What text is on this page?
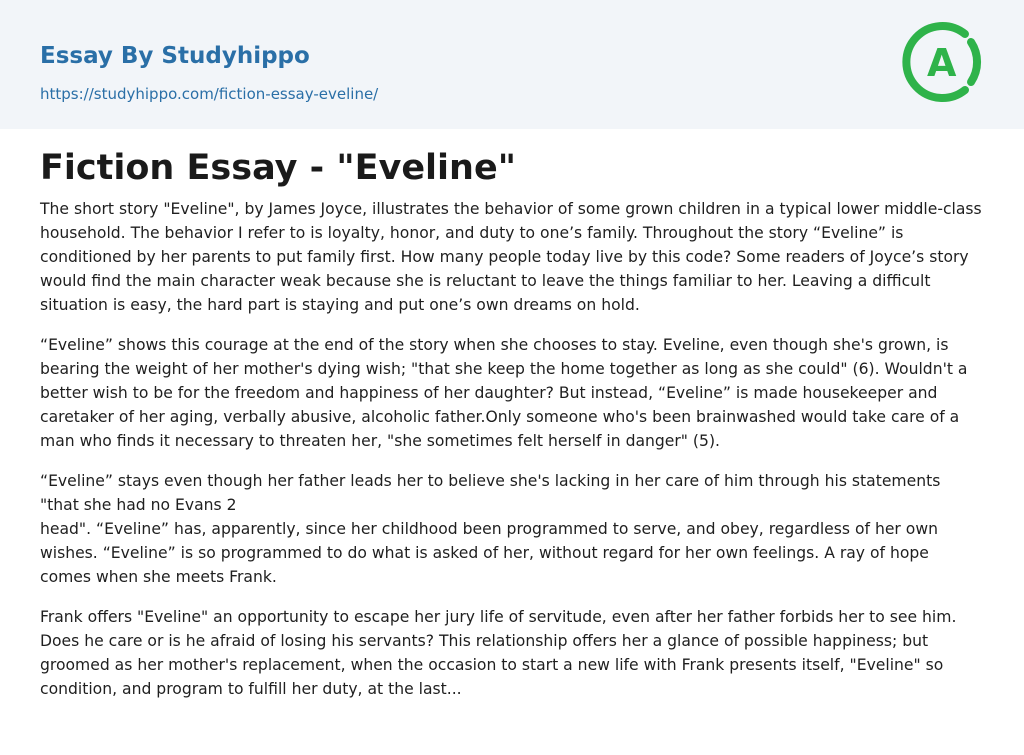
Essay By Studyhippo
https://studyhippo.com/fiction-essay-eveline/
A
Fiction Essay - "Eveline"

The short story "Eveline", by James Joyce, illustrates the behavior of some grown children in a typical lower middle-class household. The behavior I refer to is loyalty, honor, and duty to one’s family. Throughout the story “Eveline” is conditioned by her parents to put family first. How many people today live by this code? Some readers of Joyce’s story would find the main character weak because she is reluctant to leave the things familiar to her. Leaving a difficult situation is easy, the hard part is staying and put one’s own dreams on hold.

“Eveline” shows this courage at the end of the story when she chooses to stay. Eveline, even though she's grown, is bearing the weight of her mother's dying wish; "that she keep the home together as long as she could" (6). Wouldn't a better wish to be for the freedom and happiness of her daughter? But instead, “Eveline” is made housekeeper and caretaker of her aging, verbally abusive, alcoholic father.Only someone who's been brainwashed would take care of a man who finds it necessary to threaten her, "she sometimes felt herself in danger" (5).

“Eveline” stays even though her father leads her to believe she's lacking in her care of him through his statements "that she had no Evans 2
head". “Eveline” has, apparently, since her childhood been programmed to serve, and obey, regardless of her own wishes. “Eveline” is so programmed to do what is asked of her, without regard for her own feelings. A ray of hope comes when she meets Frank.

Frank offers "Eveline" an opportunity to escape her jury life of servitude, even after her father forbids her to see him. Does he care or is he afraid of losing his servants? This relationship offers her a glance of possible happiness; but groomed as her mother's replacement, when the occasion to start a new life with Frank presents itself, "Eveline" so condition, and program to fulfill her duty, at the last...
